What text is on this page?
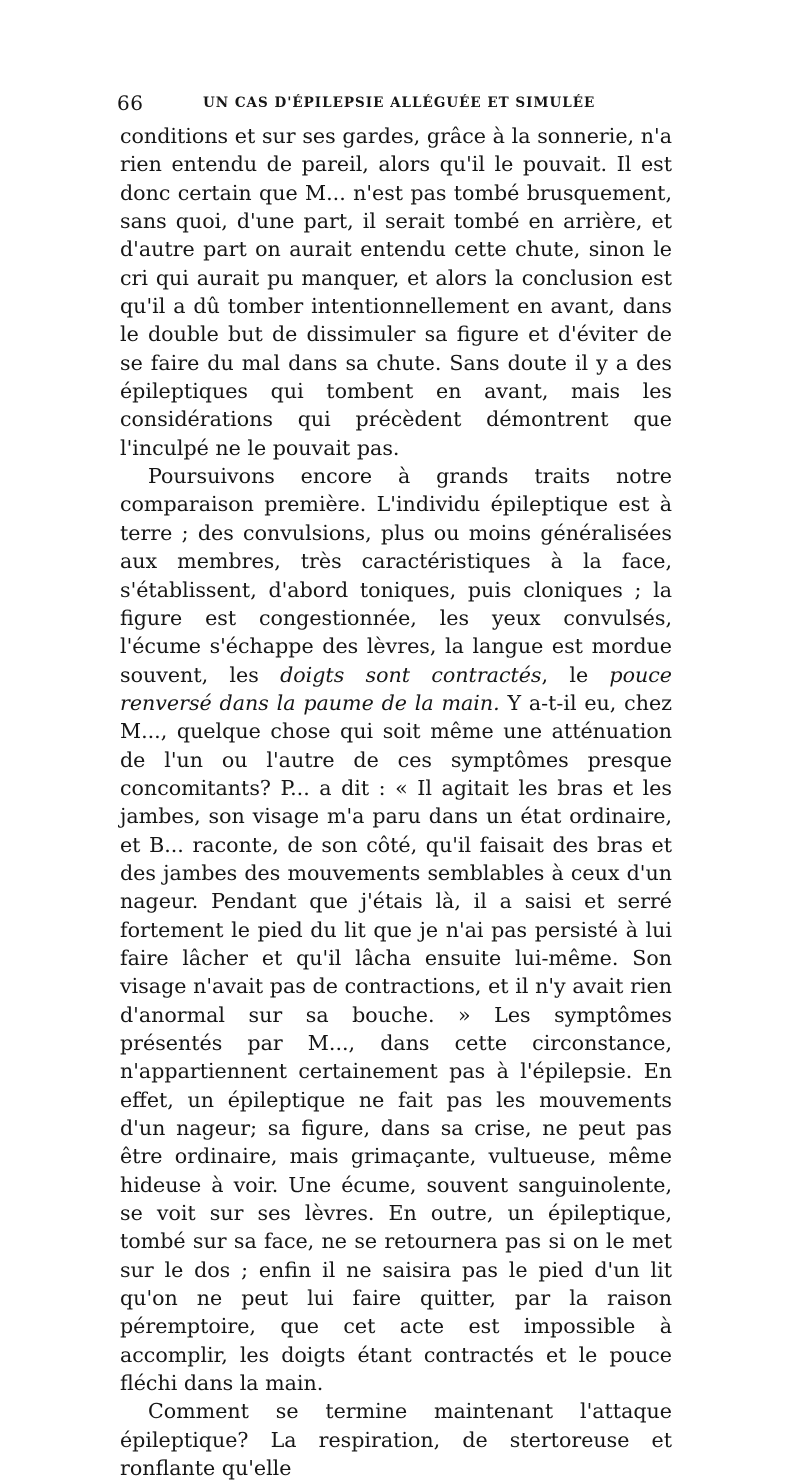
66	UN CAS D'ÉPILEPSIE ALLÉGUÉE ET SIMULÉE

conditions et sur ses gardes, grâce à la sonnerie, n'a rien entendu de pareil, alors qu'il le pouvait. Il est donc certain que M... n'est pas tombé brusquement, sans quoi, d'une part, il serait tombé en arrière, et d'autre part on aurait entendu cette chute, sinon le cri qui aurait pu manquer, et alors la conclusion est qu'il a dû tomber intentionnellement en avant, dans le double but de dissimuler sa figure et d'éviter de se faire du mal dans sa chute. Sans doute il y a des épileptiques qui tombent en avant, mais les considérations qui précèdent démontrent que l'inculpé ne le pouvait pas.

Poursuivons encore à grands traits notre comparaison première. L'individu épileptique est à terre ; des convulsions, plus ou moins généralisées aux membres, très caractéristiques à la face, s'établissent, d'abord toniques, puis cloniques ; la figure est congestionnée, les yeux convulsés, l'écume s'échappe des lèvres, la langue est mordue souvent, les doigts sont contractés, le pouce renversé dans la paume de la main. Y a-t-il eu, chez M..., quelque chose qui soit même une atténuation de l'un ou l'autre de ces symptômes presque concomitants? P... a dit : « Il agitait les bras et les jambes, son visage m'a paru dans un état ordinaire, et B... raconte, de son côté, qu'il faisait des bras et des jambes des mouvements semblables à ceux d'un nageur. Pendant que j'étais là, il a saisi et serré fortement le pied du lit que je n'ai pas persisté à lui faire lâcher et qu'il lâcha ensuite lui-même. Son visage n'avait pas de contractions, et il n'y avait rien d'anormal sur sa bouche. » Les symptômes présentés par M..., dans cette circonstance, n'appartiennent certainement pas à l'épilepsie. En effet, un épileptique ne fait pas les mouvements d'un nageur; sa figure, dans sa crise, ne peut pas être ordinaire, mais grimaçante, vultueuse, même hideuse à voir. Une écume, souvent sanguinolente, se voit sur ses lèvres. En outre, un épileptique, tombé sur sa face, ne se retournera pas si on le met sur le dos ; enfin il ne saisira pas le pied d'un lit qu'on ne peut lui faire quitter, par la raison péremptoire, que cet acte est impossible à accomplir, les doigts étant contractés et le pouce fléchi dans la main.

Comment se termine maintenant l'attaque épileptique? La respiration, de stertoreuse et ronflante qu'elle
